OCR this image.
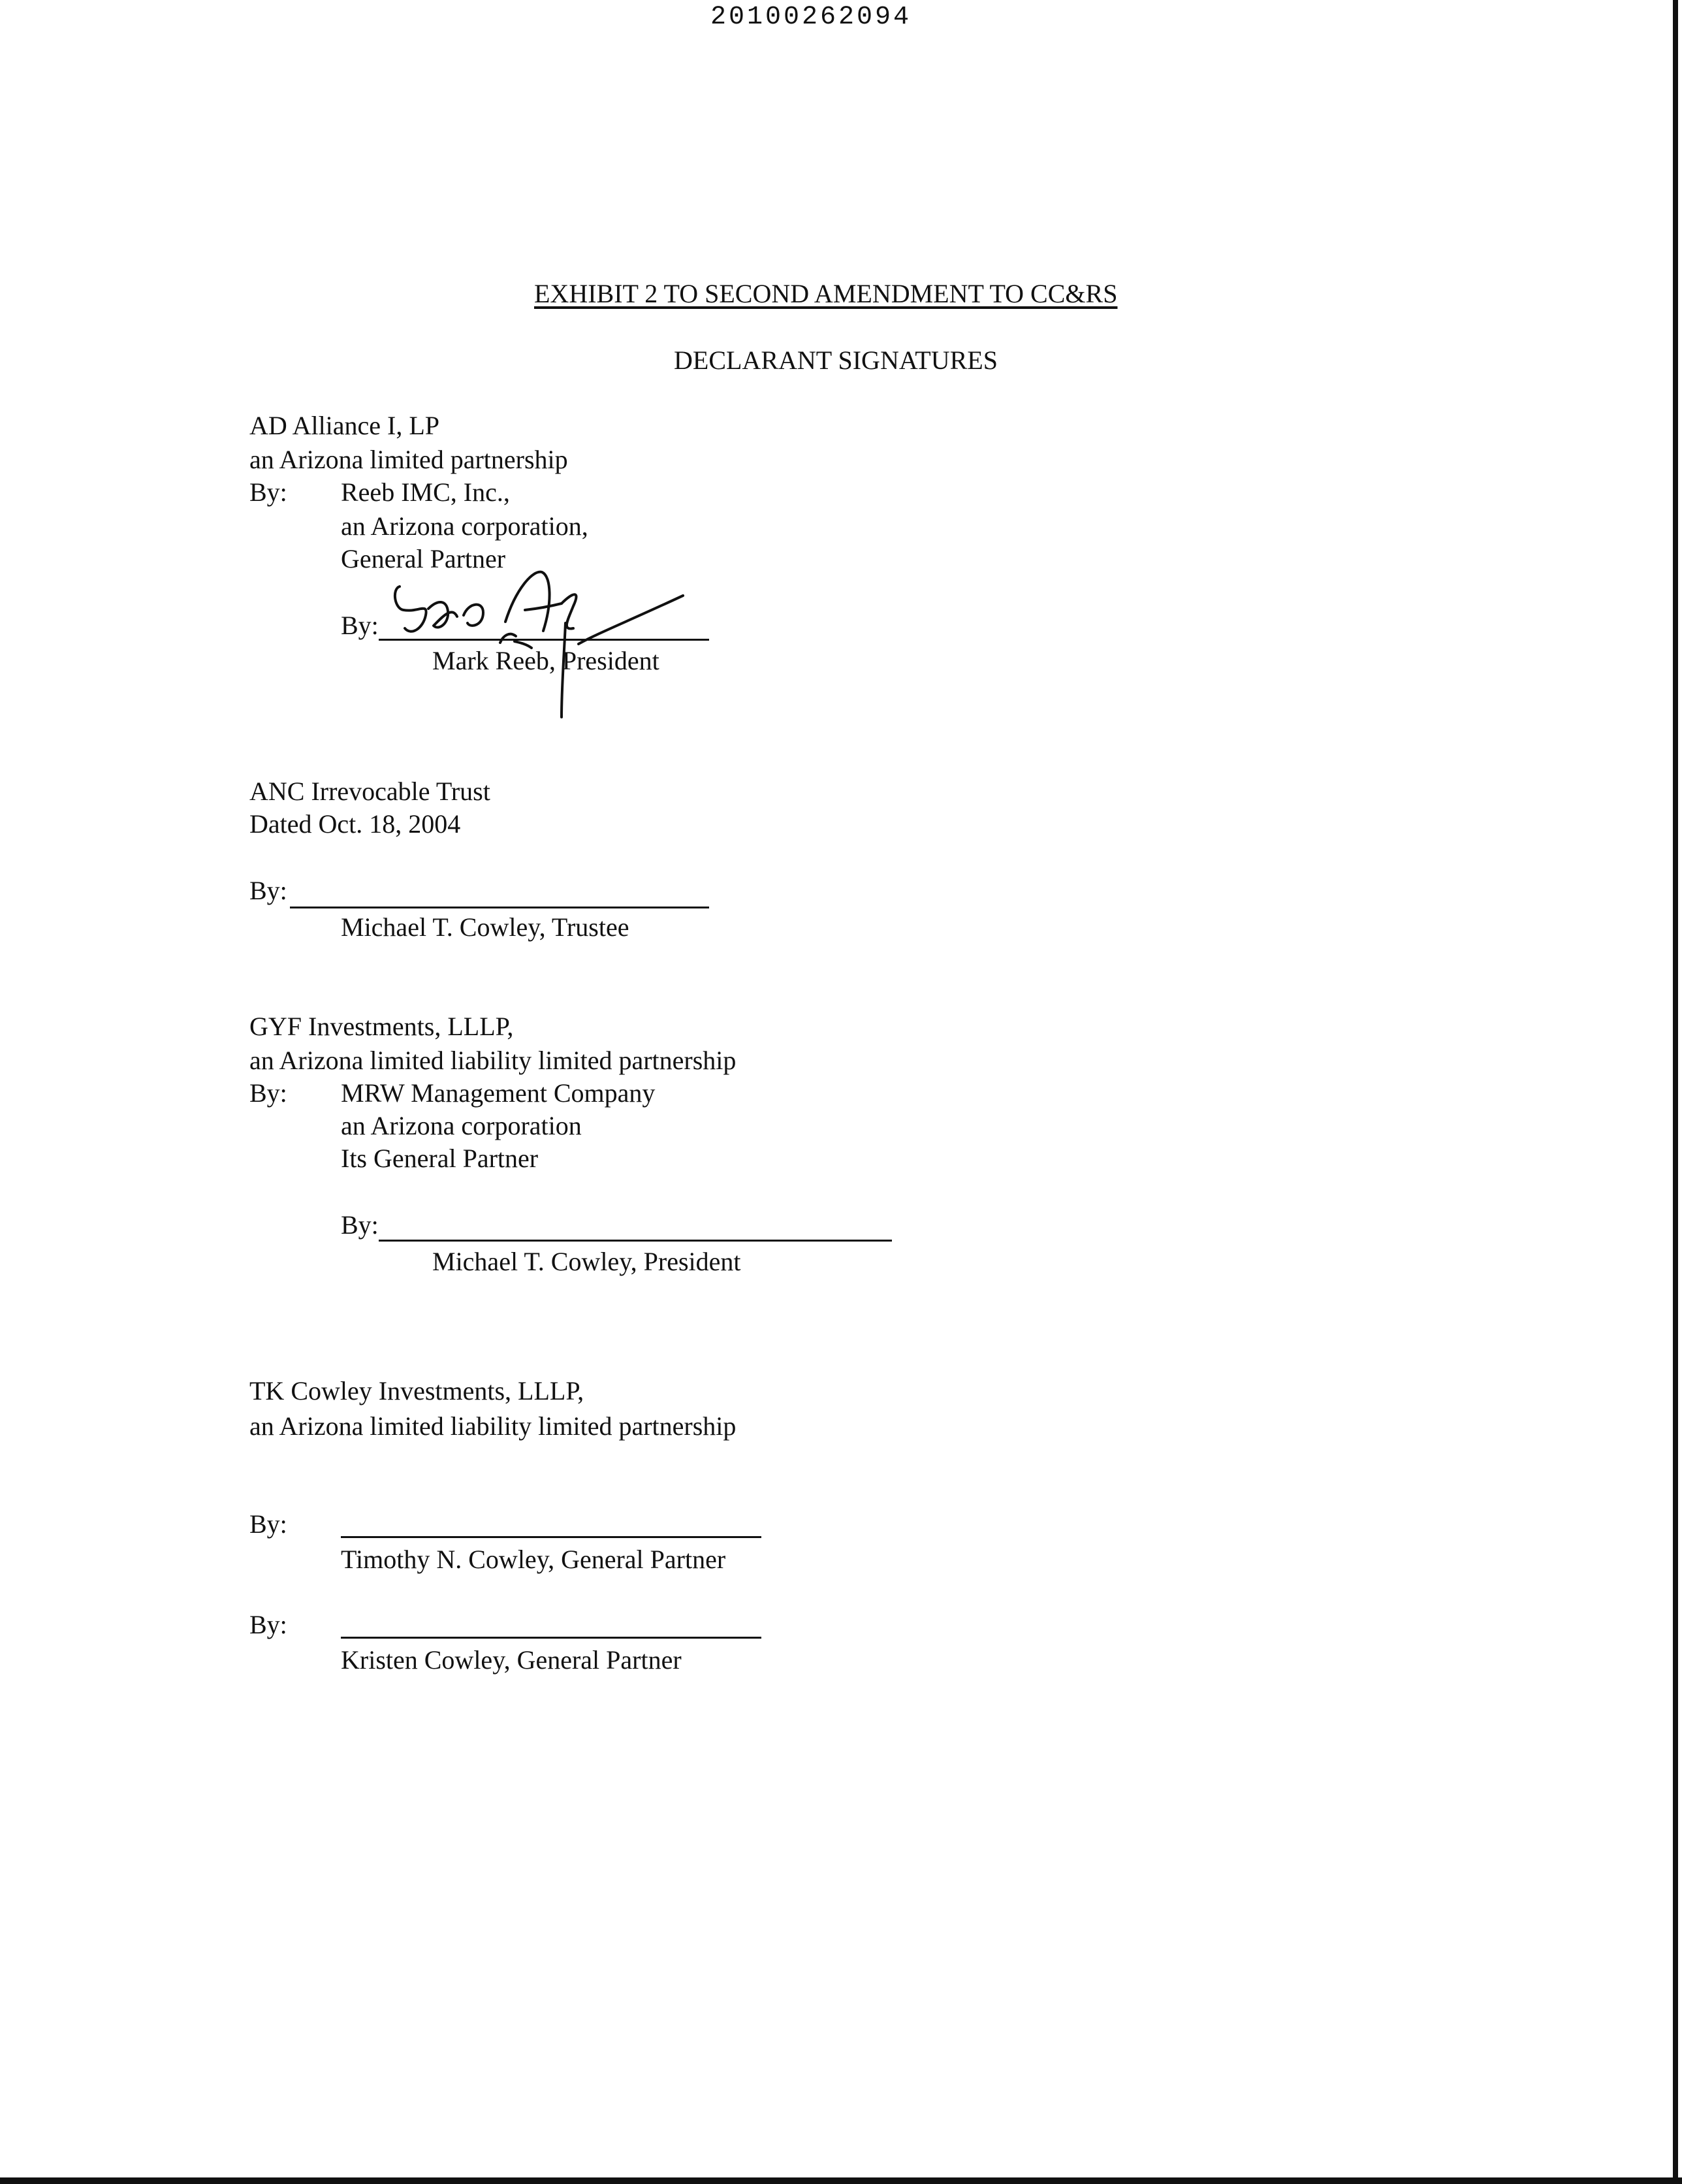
20100262094
EXHIBIT 2 TO SECOND AMENDMENT TO CC&RS
DECLARANT SIGNATURES
AD Alliance I, LP
an Arizona limited partnership
By: Reeb IMC, Inc.,
an Arizona corporation,
General Partner
By:
Mark Reeb, President
ANC Irrevocable Trust
Dated Oct. 18, 2004
By:
Michael T. Cowley, Trustee
GYF Investments, LLLP,
an Arizona limited liability limited partnership
By: MRW Management Company
an Arizona corporation
Its General Partner
By:
Michael T. Cowley, President
TK Cowley Investments, LLLP,
an Arizona limited liability limited partnership
By:
Timothy N. Cowley, General Partner
By:
Kristen Cowley, General Partner
